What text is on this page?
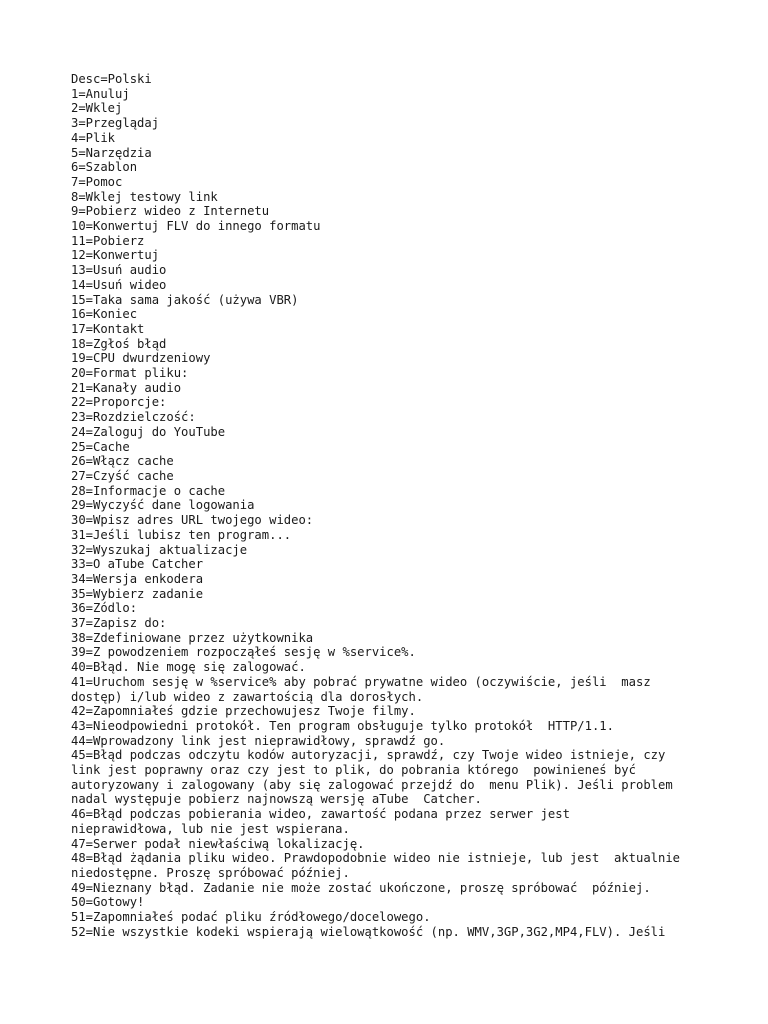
Desc=Polski
1=Anuluj
2=Wklej
3=Przeglądaj
4=Plik
5=Narzędzia
6=Szablon
7=Pomoc
8=Wklej testowy link
9=Pobierz wideo z Internetu
10=Konwertuj FLV do innego formatu
11=Pobierz
12=Konwertuj
13=Usuń audio
14=Usuń wideo
15=Taka sama jakość (używa VBR)
16=Koniec
17=Kontakt
18=Zgłoś błąd
19=CPU dwurdzeniowy
20=Format pliku:
21=Kanały audio
22=Proporcje:
23=Rozdzielczość:
24=Zaloguj do YouTube
25=Cache
26=Włącz cache
27=Czyść cache
28=Informacje o cache
29=Wyczyść dane logowania
30=Wpisz adres URL twojego wideo:
31=Jeśli lubisz ten program...
32=Wyszukaj aktualizacje
33=O aTube Catcher
34=Wersja enkodera
35=Wybierz zadanie
36=Zódlo:
37=Zapisz do:
38=Zdefiniowane przez użytkownika
39=Z powodzeniem rozpocząłeś sesję w %service%.
40=Błąd. Nie mogę się zalogować.
41=Uruchom sesję w %service% aby pobrać prywatne wideo (oczywiście, jeśli  masz
dostęp) i/lub wideo z zawartością dla dorosłych.
42=Zapomniałeś gdzie przechowujesz Twoje filmy.
43=Nieodpowiedni protokół. Ten program obsługuje tylko protokół  HTTP/1.1.
44=Wprowadzony link jest nieprawidłowy, sprawdź go.
45=Błąd podczas odczytu kodów autoryzacji, sprawdź, czy Twoje wideo istnieje, czy
link jest poprawny oraz czy jest to plik, do pobrania którego  powinieneś być
autoryzowany i zalogowany (aby się zalogować przejdź do  menu Plik). Jeśli problem
nadal występuje pobierz najnowszą wersję aTube  Catcher.
46=Błąd podczas pobierania wideo, zawartość podana przez serwer jest
nieprawidłowa, lub nie jest wspierana.
47=Serwer podał niewłaściwą lokalizację.
48=Błąd żądania pliku wideo. Prawdopodobnie wideo nie istnieje, lub jest  aktualnie
niedostępne. Proszę spróbować później.
49=Nieznany błąd. Zadanie nie może zostać ukończone, proszę spróbować  później.
50=Gotowy!
51=Zapomniałeś podać pliku źródłowego/docelowego.
52=Nie wszystkie kodeki wspierają wielowątkowość (np. WMV,3GP,3G2,MP4,FLV). Jeśli
